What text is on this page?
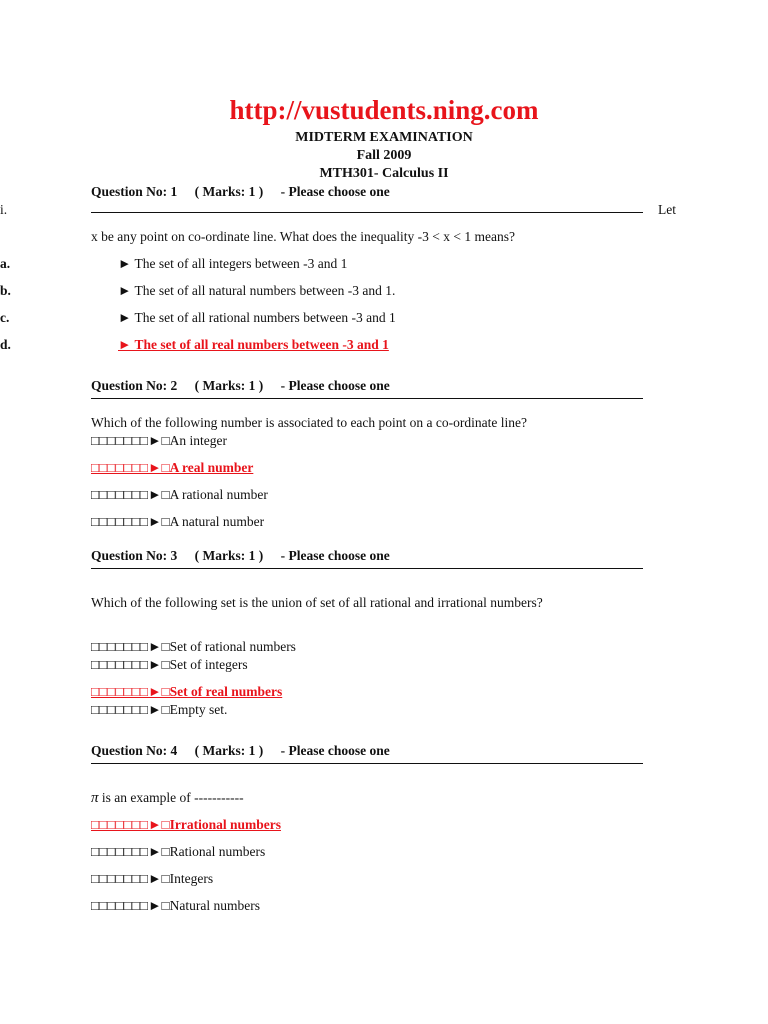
http://vustudents.ning.com
MIDTERM EXAMINATION
Fall 2009
MTH301- Calculus II
Question No: 1 ( Marks: 1 ) - Please choose one
i.	Let
x be any point on co-ordinate line. What does the inequality -3 < x < 1 means?
a.	► The set of all integers between -3 and 1
b.	► The set of all natural numbers between -3 and 1.
c.	► The set of all rational numbers between -3 and 1
d.	► The set of all real numbers between -3 and 1
Question No: 2 ( Marks: 1 ) - Please choose one
Which of the following number is associated to each point on a co-ordinate line?
□□□□□□□►□An integer
□□□□□□□►□A real number
□□□□□□□►□A rational number
□□□□□□□►□A natural number
Question No: 3 ( Marks: 1 ) - Please choose one
Which of the following set is the union of set of all rational and irrational numbers?
□□□□□□□►□Set of rational numbers
□□□□□□□►□Set of integers
□□□□□□□►□Set of real numbers
□□□□□□□►□Empty set.
Question No: 4 ( Marks: 1 ) - Please choose one
π is an example of -----------
□□□□□□□►□Irrational numbers
□□□□□□□►□Rational numbers
□□□□□□□►□Integers
□□□□□□□►□Natural numbers
